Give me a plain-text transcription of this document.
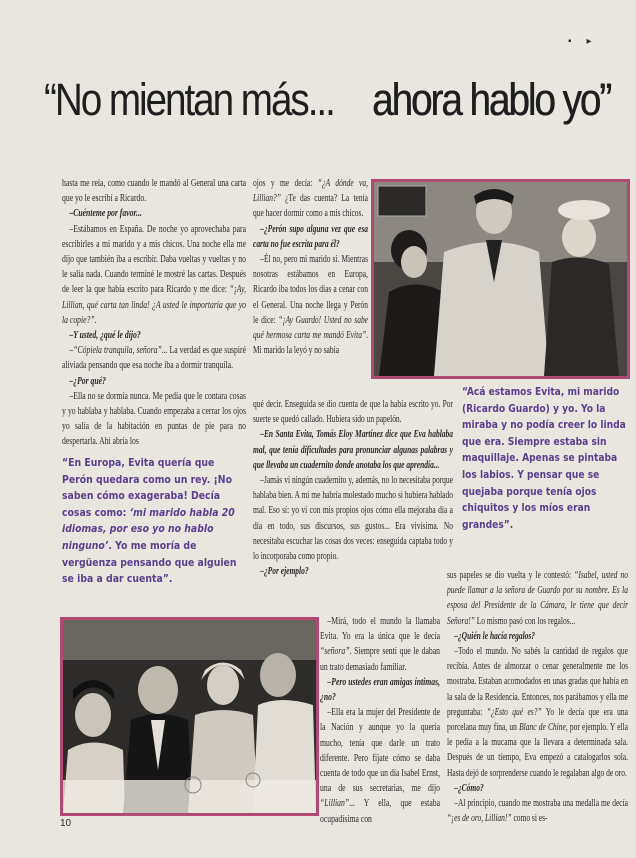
▪      ▸
“No mientan más... ahora hablo yo”

hasta me reía, como cuando le mandó al General una carta que yo le escribí a Ricardo.

–Cuénteme por favor...

–Estábamos en España. De noche yo aprovechaba para escribirles a mi marido y a mis chicos. Una noche ella me dijo que también iba a escribir. Daba vueltas y vueltas y no le salía nada. Cuando terminé le mostré las cartas. Después de leer la que había escrito para Ricardo y me dice: “¡Ay, Lillian, qué carta tan linda! ¿A usted le importaría que yo la copie?”.

–Y usted, ¿qué le dijo?

–“Cópiela tranquila, señora”... La verdad es que suspiré aliviada pensando que esa noche iba a dormir tranquila.

–¿Por qué?

–Ella no se dormía nunca. Me pedía que le contara cosas y yo hablaba y hablaba. Cuando empezaba a cerrar los ojos yo salía de la habitación en puntas de pie para no despertarla. Ahí abría los

ojos y me decía: “¿A dónde va, Lillian?” ¿Te das cuenta? La tenía que hacer dormir como a mis chicos.

–¿Perón supo alguna vez que esa carta no fue escrita para él?

–Él no, pero mi marido sí. Mientras nosotras estábamos en Europa, Ricardo iba todos los días a cenar con el General. Una noche llega y Perón le dice: “¡Ay Guardo! Usted no sabe qué hermosa carta me mandó Evita”. Mi marido la leyó y no sabía

qué decir. Enseguida se dio cuenta de que la había escrito yo. Por suerte se quedó callado. Hubiera sido un papelón.

–En Santa Evita, Tomás Eloy Martínez dice que Eva hablaba mal, que tenía dificultades para pronunciar algunas palabras y que llevaba un cuadernito donde anotaba los que aprendía...

–Jamás vi ningún cuadernito y, además, no lo necesitaba porque hablaba bien. A mí me habría molestado mucho si hubiera hablado mal. Eso sí: yo vi con mis propios ojos cómo ella mejoraba día a día en todo, sus discursos, sus gustos... Era vivísima. No necesitaba escuchar las cosas dos veces: enseguida captaba todo y lo incorporaba como propio.

–¿Por ejemplo?

–Mirá, todo el mundo la llamaba Evita. Yo era la única que le decía “señora”. Siempre sentí que le daban un trato demasiado familiar.

–Pero ustedes eran amigas íntimas, ¿no?

–Ella era la mujer del Presidente de la Nación y aunque yo la quería mucho, tenía que darle un trato diferente. Pero fijate cómo se daba cuenta de todo que un día Isabel Ernst, una de sus secretarias, me dijo “Lillian”... Y ella, que estaba ocupadísima con

sus papeles se dio vuelta y le contestó: “Isabel, usted no puede llamar a la señora de Guardo por su nombre. Es la esposa del Presidente de la Cámara, le tiene que decir Señora!” Lo mismo pasó con los regalos...

–¿Quién le hacía regalos?

–Todo el mundo. No sabés la cantidad de regalos que recibía. Antes de almorzar o cenar generalmente me los mostraba. Estaban acomodados en unas gradas que había en la sala de la Residencia. Entonces, nos parábamos y ella me preguntaba: “¿Esto qué es?” Yo le decía que era una porcelana muy fina, un Blanc de Chine, por ejemplo. Y ella le pedía a la mucama que la llevara a determinada sala. Después de un tiempo, Eva empezó a catalogarlos sola. Hasta dejó de sorprenderse cuando le regalaban algo de oro.

–¿Cómo?

–Al principio, cuando me mostraba una medalla me decía “¡es de oro, Lillian!” como si es-

“En Europa, Evita quería que Perón quedara como un rey. ¡No saben cómo exageraba! Decía cosas como: ‘mi marido habla 20 idiomas, por eso yo no hablo ninguno’. Yo me moría de vergüenza pensando que alguien se iba a dar cuenta”.
“Acá estamos Evita, mi marido (Ricardo Guardo) y yo. Yo la miraba y no podía creer lo linda que era. Siempre estaba sin maquillaje. Apenas se pintaba los labios. Y pensar que se quejaba porque tenía ojos chiquitos y los míos eran grandes”.
10
